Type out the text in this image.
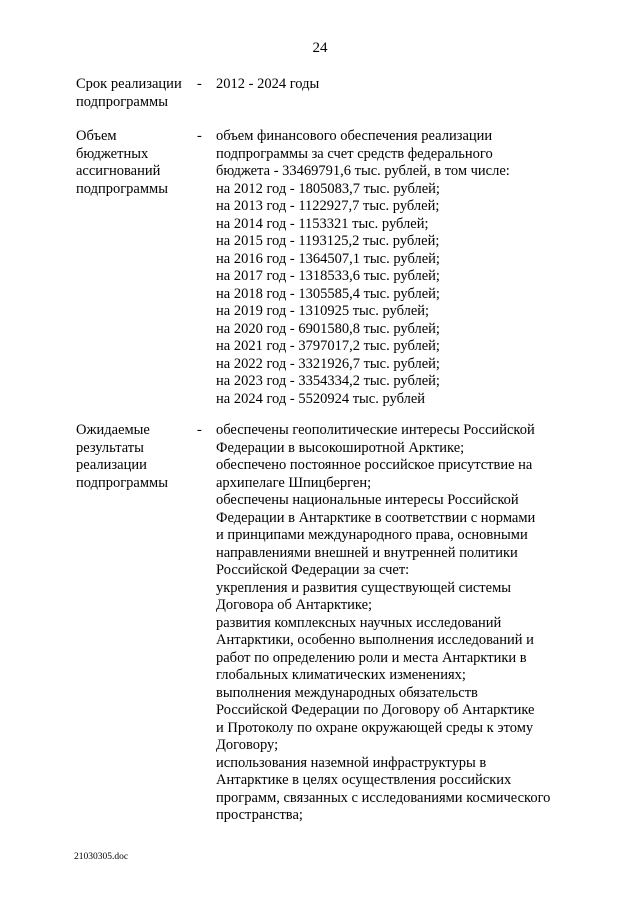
24
Срок реализации
подпрограммы
- 2012 - 2024 годы
Объем
бюджетных
ассигнований
подпрограммы
- объем финансового обеспечения реализации
подпрограммы за счет средств федерального
бюджета - 33469791,6 тыс. рублей, в том числе:
на 2012 год - 1805083,7 тыс. рублей;
на 2013 год - 1122927,7 тыс. рублей;
на 2014 год - 1153321 тыс. рублей;
на 2015 год - 1193125,2 тыс. рублей;
на 2016 год - 1364507,1 тыс. рублей;
на 2017 год - 1318533,6 тыс. рублей;
на 2018 год - 1305585,4 тыс. рублей;
на 2019 год - 1310925 тыс. рублей;
на 2020 год - 6901580,8 тыс. рублей;
на 2021 год - 3797017,2 тыс. рублей;
на 2022 год - 3321926,7 тыс. рублей;
на 2023 год - 3354334,2 тыс. рублей;
на 2024 год - 5520924 тыс. рублей
Ожидаемые
результаты
реализации
подпрограммы
- обеспечены геополитические интересы Российской
Федерации в высокоширотной Арктике;
обеспечено постоянное российское присутствие на
архипелаге Шпицберген;
обеспечены национальные интересы Российской
Федерации в Антарктике в соответствии с нормами
и принципами международного права, основными
направлениями внешней и внутренней политики
Российской Федерации за счет:
укрепления и развития существующей системы
Договора об Антарктике;
развития комплексных научных исследований
Антарктики, особенно выполнения исследований и
работ по определению роли и места Антарктики в
глобальных климатических изменениях;
выполнения международных обязательств
Российской Федерации по Договору об Антарктике
и Протоколу по охране окружающей среды к этому
Договору;
использования наземной инфраструктуры в
Антарктике в целях осуществления российских
программ, связанных с исследованиями космического
пространства;
21030305.doc
